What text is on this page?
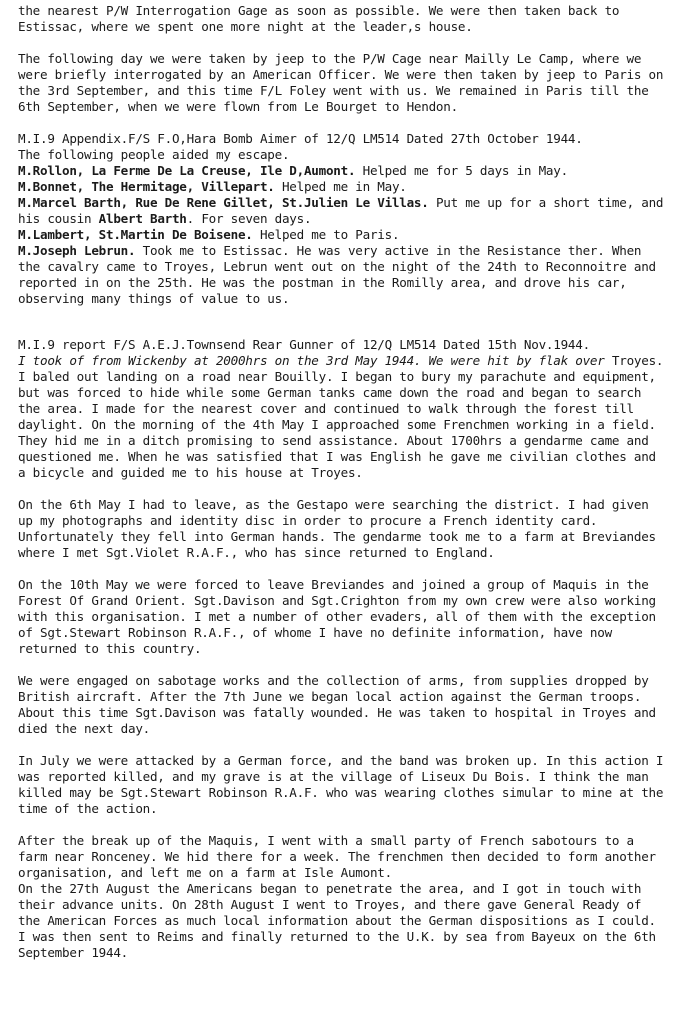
the nearest P/W Interrogation Gage as soon as possible. We were then taken back to Estissac, where we spent one more night at the leader,s house.

The following day we were taken by jeep to the P/W Cage near Mailly Le Camp, where we were briefly interrogated by an American Officer. We were then taken by jeep to Paris on the 3rd September, and this time F/L Foley went with us. We remained in Paris till the 6th September, when we were flown from Le Bourget to Hendon.

M.I.9 Appendix.F/S F.O,Hara Bomb Aimer of 12/Q LM514 Dated 27th October 1944.

The following people aided my escape.

M.Rollon, La Ferme De La Creuse, Ile D,Aumont. Helped me for 5 days in May.

M.Bonnet, The Hermitage, Villepart. Helped me in May.

M.Marcel Barth, Rue De Rene Gillet, St.Julien Le Villas. Put me up for a short time, and his cousin Albert Barth. For seven days.

M.Lambert, St.Martin De Boisene. Helped me to Paris.

M.Joseph Lebrun. Took me to Estissac. He was very active in the Resistance ther. When the cavalry came to Troyes, Lebrun went out on the night of the 24th to Reconnoitre and reported in on the 25th. He was the postman in the Romilly area, and drove his car, observing many things of value to us.

M.I.9 report F/S A.E.J.Townsend Rear Gunner of 12/Q LM514 Dated 15th Nov.1944.

I took of from Wickenby at 2000hrs on the 3rd May 1944. We were hit by flak over Troyes. I baled out landing on a road near Bouilly. I began to bury my parachute and equipment, but was forced to hide while some German tanks came down the road and began to search the area. I made for the nearest cover and continued to walk through the forest till daylight. On the morning of the 4th May I approached some Frenchmen working in a field. They hid me in a ditch promising to send assistance. About 1700hrs a gendarme came and questioned me. When he was satisfied that I was English he gave me civilian clothes and a bicycle and guided me to his house at Troyes.

On the 6th May I had to leave, as the Gestapo were searching the district. I had given up my photographs and identity disc in order to procure a French identity card. Unfortunately they fell into German hands. The gendarme took me to a farm at Breviandes where I met Sgt.Violet R.A.F., who has since returned to England.

On the 10th May we were forced to leave Breviandes and joined a group of Maquis in the Forest Of Grand Orient. Sgt.Davison and Sgt.Crighton from my own crew were also working with this organisation. I met a number of other evaders, all of them with the exception of Sgt.Stewart Robinson R.A.F., of whome I have no definite information, have now returned to this country.

We were engaged on sabotage works and the collection of arms, from supplies dropped by British aircraft. After the 7th June we began local action against the German troops. About this time Sgt.Davison was fatally wounded. He was taken to hospital in Troyes and died the next day.

In July we were attacked by a German force, and the band was broken up. In this action I was reported killed, and my grave is at the village of Liseux Du Bois. I think the man killed may be Sgt.Stewart Robinson R.A.F. who was wearing clothes simular to mine at the time of the action.

After the break up of the Maquis, I went with a small party of French sabotours to a farm near Ronceney. We hid there for a week. The frenchmen then decided to form another organisation, and left me on a farm at Isle Aumont.

On the 27th August the Americans began to penetrate the area, and I got in touch with their advance units. On 28th August I went to Troyes, and there gave General Ready of the American Forces as much local information about the German dispositions as I could. I was then sent to Reims and finally returned to the U.K. by sea from Bayeux on the 6th September 1944.
